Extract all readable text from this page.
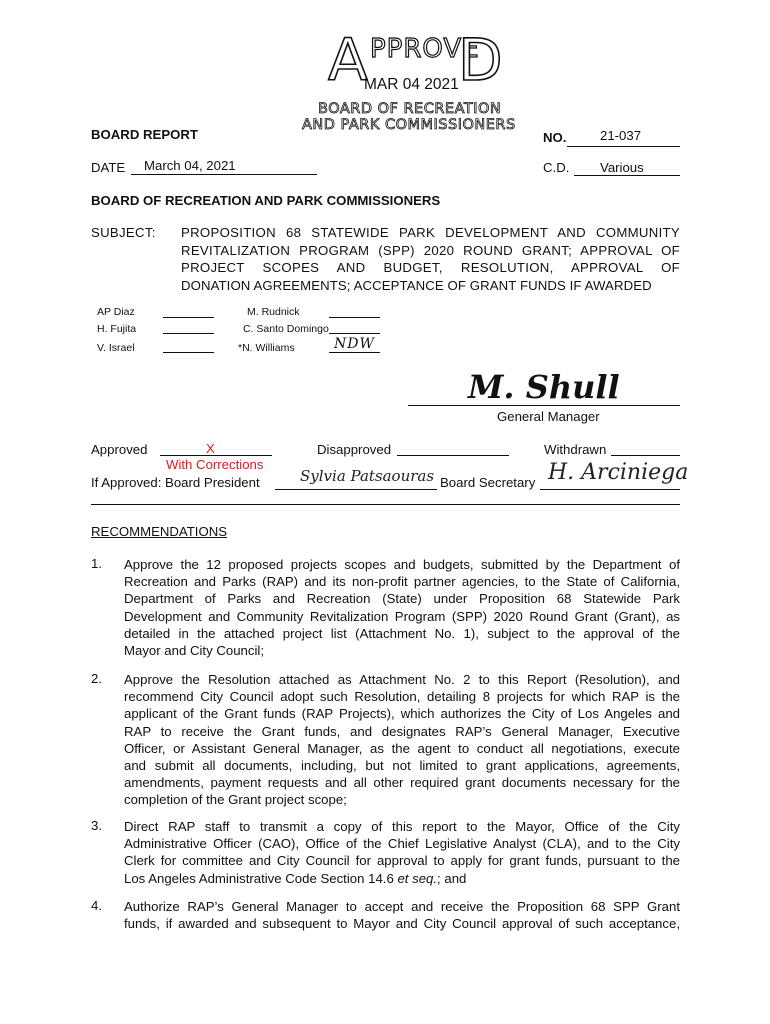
A PPROVE
D
MAR 04 2021
BOARD OF RECREATION
AND PARK COMMISSIONERS
BOARD REPORT	NO.	21-037
DATE March 04, 2021	C.D. Various
BOARD OF RECREATION AND PARK COMMISSIONERS
SUBJECT: PROPOSITION 68 STATEWIDE PARK DEVELOPMENT AND COMMUNITY
REVITALIZATION PROGRAM (SPP) 2020 ROUND GRANT; APPROVAL OF
PROJECT SCOPES AND BUDGET, RESOLUTION, APPROVAL OF
DONATION AGREEMENTS; ACCEPTANCE OF GRANT FUNDS IF AWARDED
AP Diaz	M. Rudnick
H. Fujita	C. Santo Domingo
V. Israel	*N. Williams	NDW
M. Shull
General Manager
Approved	X
With Corrections
Disapproved	Withdrawn
If Approved: Board President	Sylvia Patsaouras Board Secretary H. Arciniega
RECOMMENDATIONS
1. Approve the 12 proposed projects scopes and budgets, submitted by the Department of
Recreation and Parks (RAP) and its non-profit partner agencies, to the State of California,
Department of Parks and Recreation (State) under Proposition 68 Statewide Park
Development and Community Revitalization Program (SPP) 2020 Round Grant (Grant), as
detailed in the attached project list (Attachment No. 1), subject to the approval of the
Mayor and City Council;
2. Approve the Resolution attached as Attachment No. 2 to this Report (Resolution), and
recommend City Council adopt such Resolution, detailing 8 projects for which RAP is the
applicant of the Grant funds (RAP Projects), which authorizes the City of Los Angeles and
RAP to receive the Grant funds, and designates RAP’s General Manager, Executive
Officer, or Assistant General Manager, as the agent to conduct all negotiations, execute
and submit all documents, including, but not limited to grant applications, agreements,
amendments, payment requests and all other required grant documents necessary for the
completion of the Grant project scope;
3. Direct RAP staff to transmit a copy of this report to the Mayor, Office of the City
Administrative Officer (CAO), Office of the Chief Legislative Analyst (CLA), and to the City
Clerk for committee and City Council for approval to apply for grant funds, pursuant to the
Los Angeles Administrative Code Section 14.6 et seq.; and
4. Authorize RAP’s General Manager to accept and receive the Proposition 68 SPP Grant
funds, if awarded and subsequent to Mayor and City Council approval of such acceptance,
